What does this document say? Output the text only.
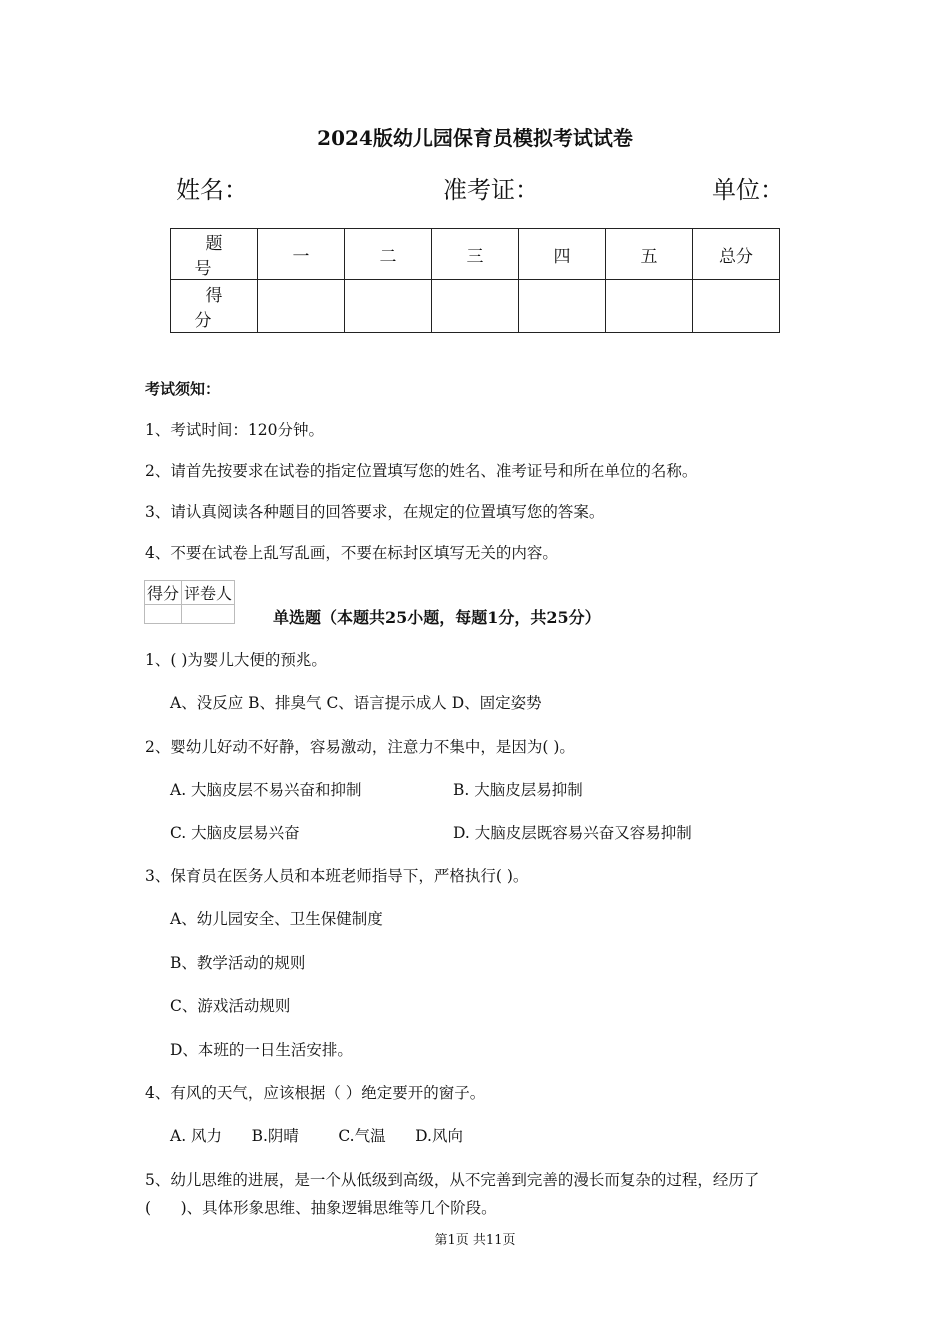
2024版幼儿园保育员模拟考试试卷
姓名：	准考证：	单位：
题号	一	二	三	四	五	总分
得分						
考试须知：
1、考试时间：120分钟。
2、请首先按要求在试卷的指定位置填写您的姓名、准考证号和所在单位的名称。
3、请认真阅读各种题目的回答要求，在规定的位置填写您的答案。
4、不要在试卷上乱写乱画，不要在标封区填写无关的内容。
得分	评卷人

单选题（本题共25小题，每题1分，共25分）
1、( )为婴儿大便的预兆。
A、没反应 B、排臭气 C、语言提示成人 D、固定姿势
2、婴幼儿好动不好静，容易激动，注意力不集中，是因为( )。
A. 大脑皮层不易兴奋和抑制	B. 大脑皮层易抑制
C. 大脑皮层易兴奋	D. 大脑皮层既容易兴奋又容易抑制
3、保育员在医务人员和本班老师指导下，严格执行( )。
A、幼儿园安全、卫生保健制度
B、教学活动的规则
C、游戏活动规则
D、本班的一日生活安排。
4、有风的天气，应该根据（ ）绝定要开的窗子。
A. 风力      B.阴晴        C.气温      D.风向
5、幼儿思维的进展，是一个从低级到高级，从不完善到完善的漫长而复杂的过程，经历了
(      )、具体形象思维、抽象逻辑思维等几个阶段。
第1页 共11页
